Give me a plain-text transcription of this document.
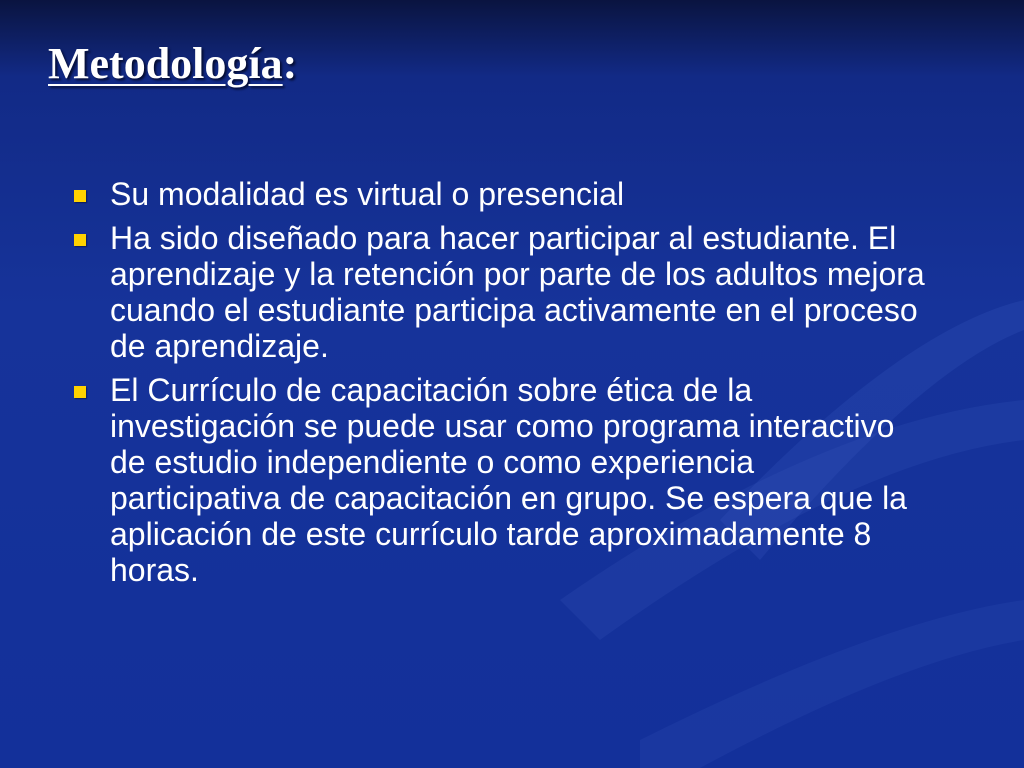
Metodología:
Su modalidad es virtual o presencial
Ha sido diseñado para hacer participar al estudiante. El aprendizaje y la retención por parte de los adultos mejora cuando el estudiante participa activamente en el proceso de aprendizaje.
El Currículo de capacitación sobre ética de la investigación se puede usar como programa interactivo de estudio independiente o como experiencia participativa de capacitación en grupo. Se espera que la aplicación de este currículo tarde aproximadamente 8 horas.
